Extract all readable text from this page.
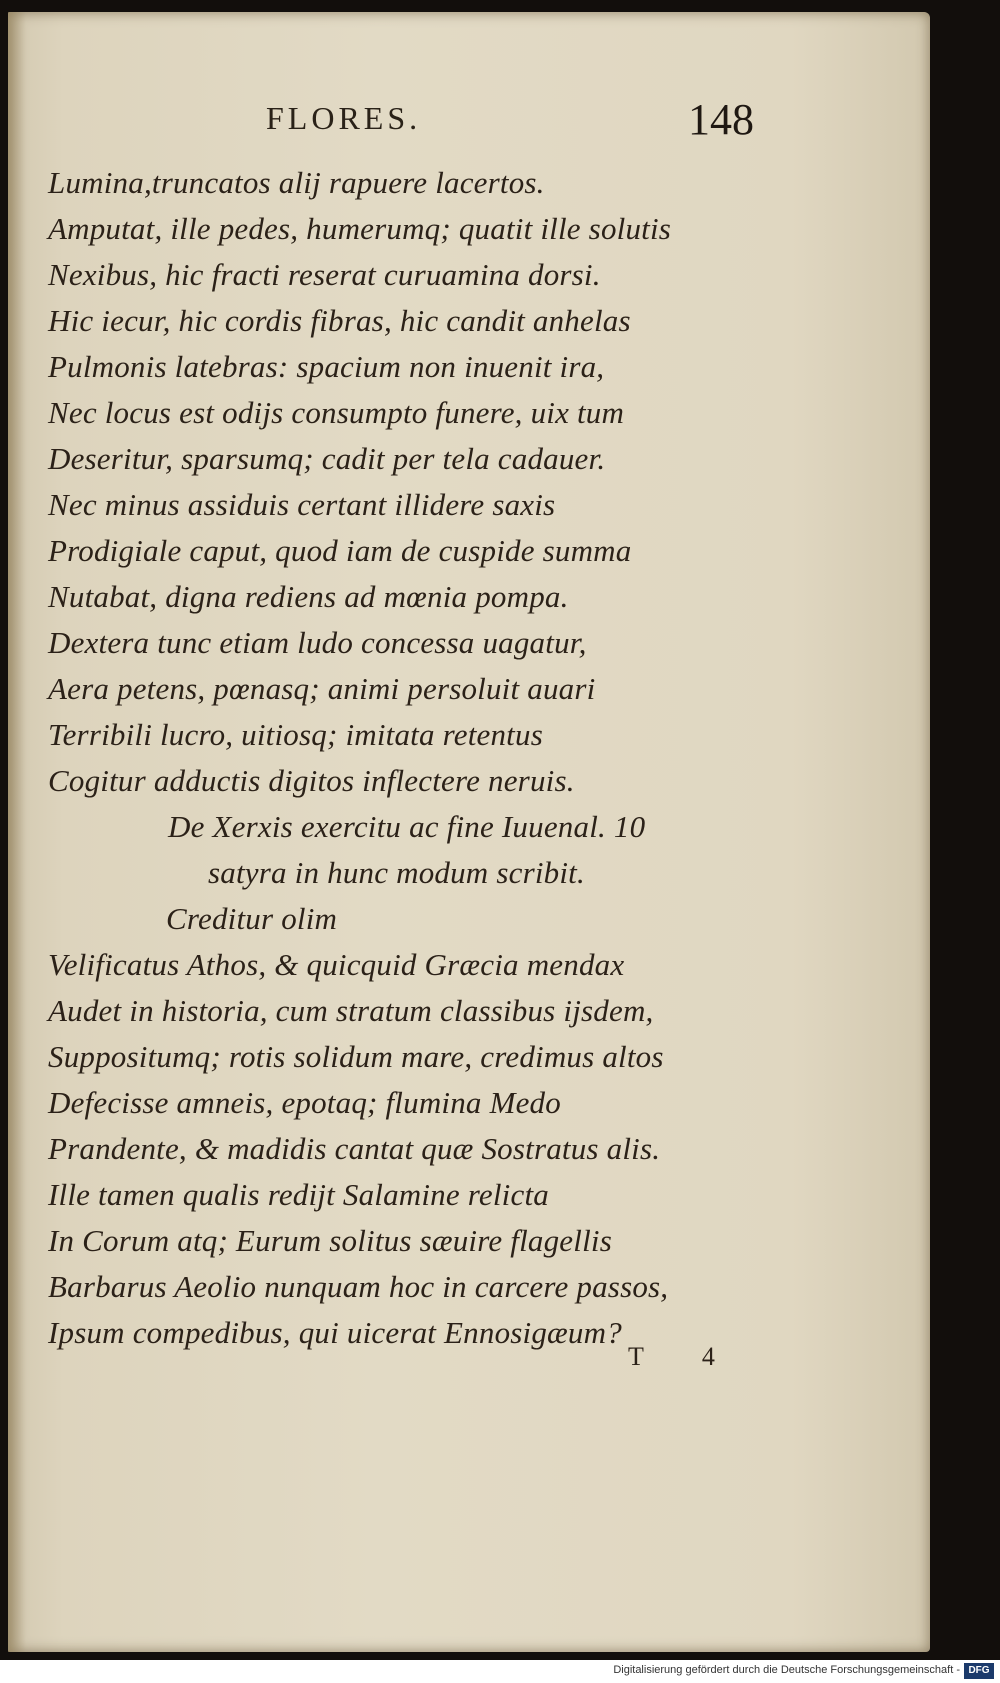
FLORES.	148
Lumina,truncatos alij rapuere lacertos.
Amputat, ille pedes, humerumq; quatit ille solutis
Nexibus, hic fracti reserat curuamina dorsi.
Hic iecur, hic cordis fibras, hic candit anhelas
Pulmonis latebras: spacium non inuenit ira,
Nec locus est odijs consumpto funere, uix tum
Deseritur, sparsumq; cadit per tela cadauer.
Nec minus assiduis certant illidere saxis
Prodigiale caput, quod iam de cuspide summa
Nutabat, digna rediens ad mœnia pompa.
Dextera tunc etiam ludo concessa uagatur,
Aera petens, pœnasq; animi persoluit auari
Terribili lucro, uitiosq; imitata retentus
Cogitur adductis digitos inflectere neruis.
De Xerxis exercitu ac fine Iuuenal. 10
satyra in hunc modum scribit.
Creditur olim
Velificatus Athos, & quicquid Græcia mendax
Audet in historia, cum stratum classibus ijsdem,
Suppositumq; rotis solidum mare, credimus altos
Defecisse amneis, epotaq; flumina Medo
Prandente, & madidis cantat quæ Sostratus alis.
Ille tamen qualis redijt Salamine relicta
In Corum atq; Eurum solitus sæuire flagellis
Barbarus Aeolio nunquam hoc in carcere passos,
Ipsum compedibus, qui uicerat Ennosigæum?
T 4
Digitalisierung gefördert durch die Deutsche Forschungsgemeinschaft - DFG
